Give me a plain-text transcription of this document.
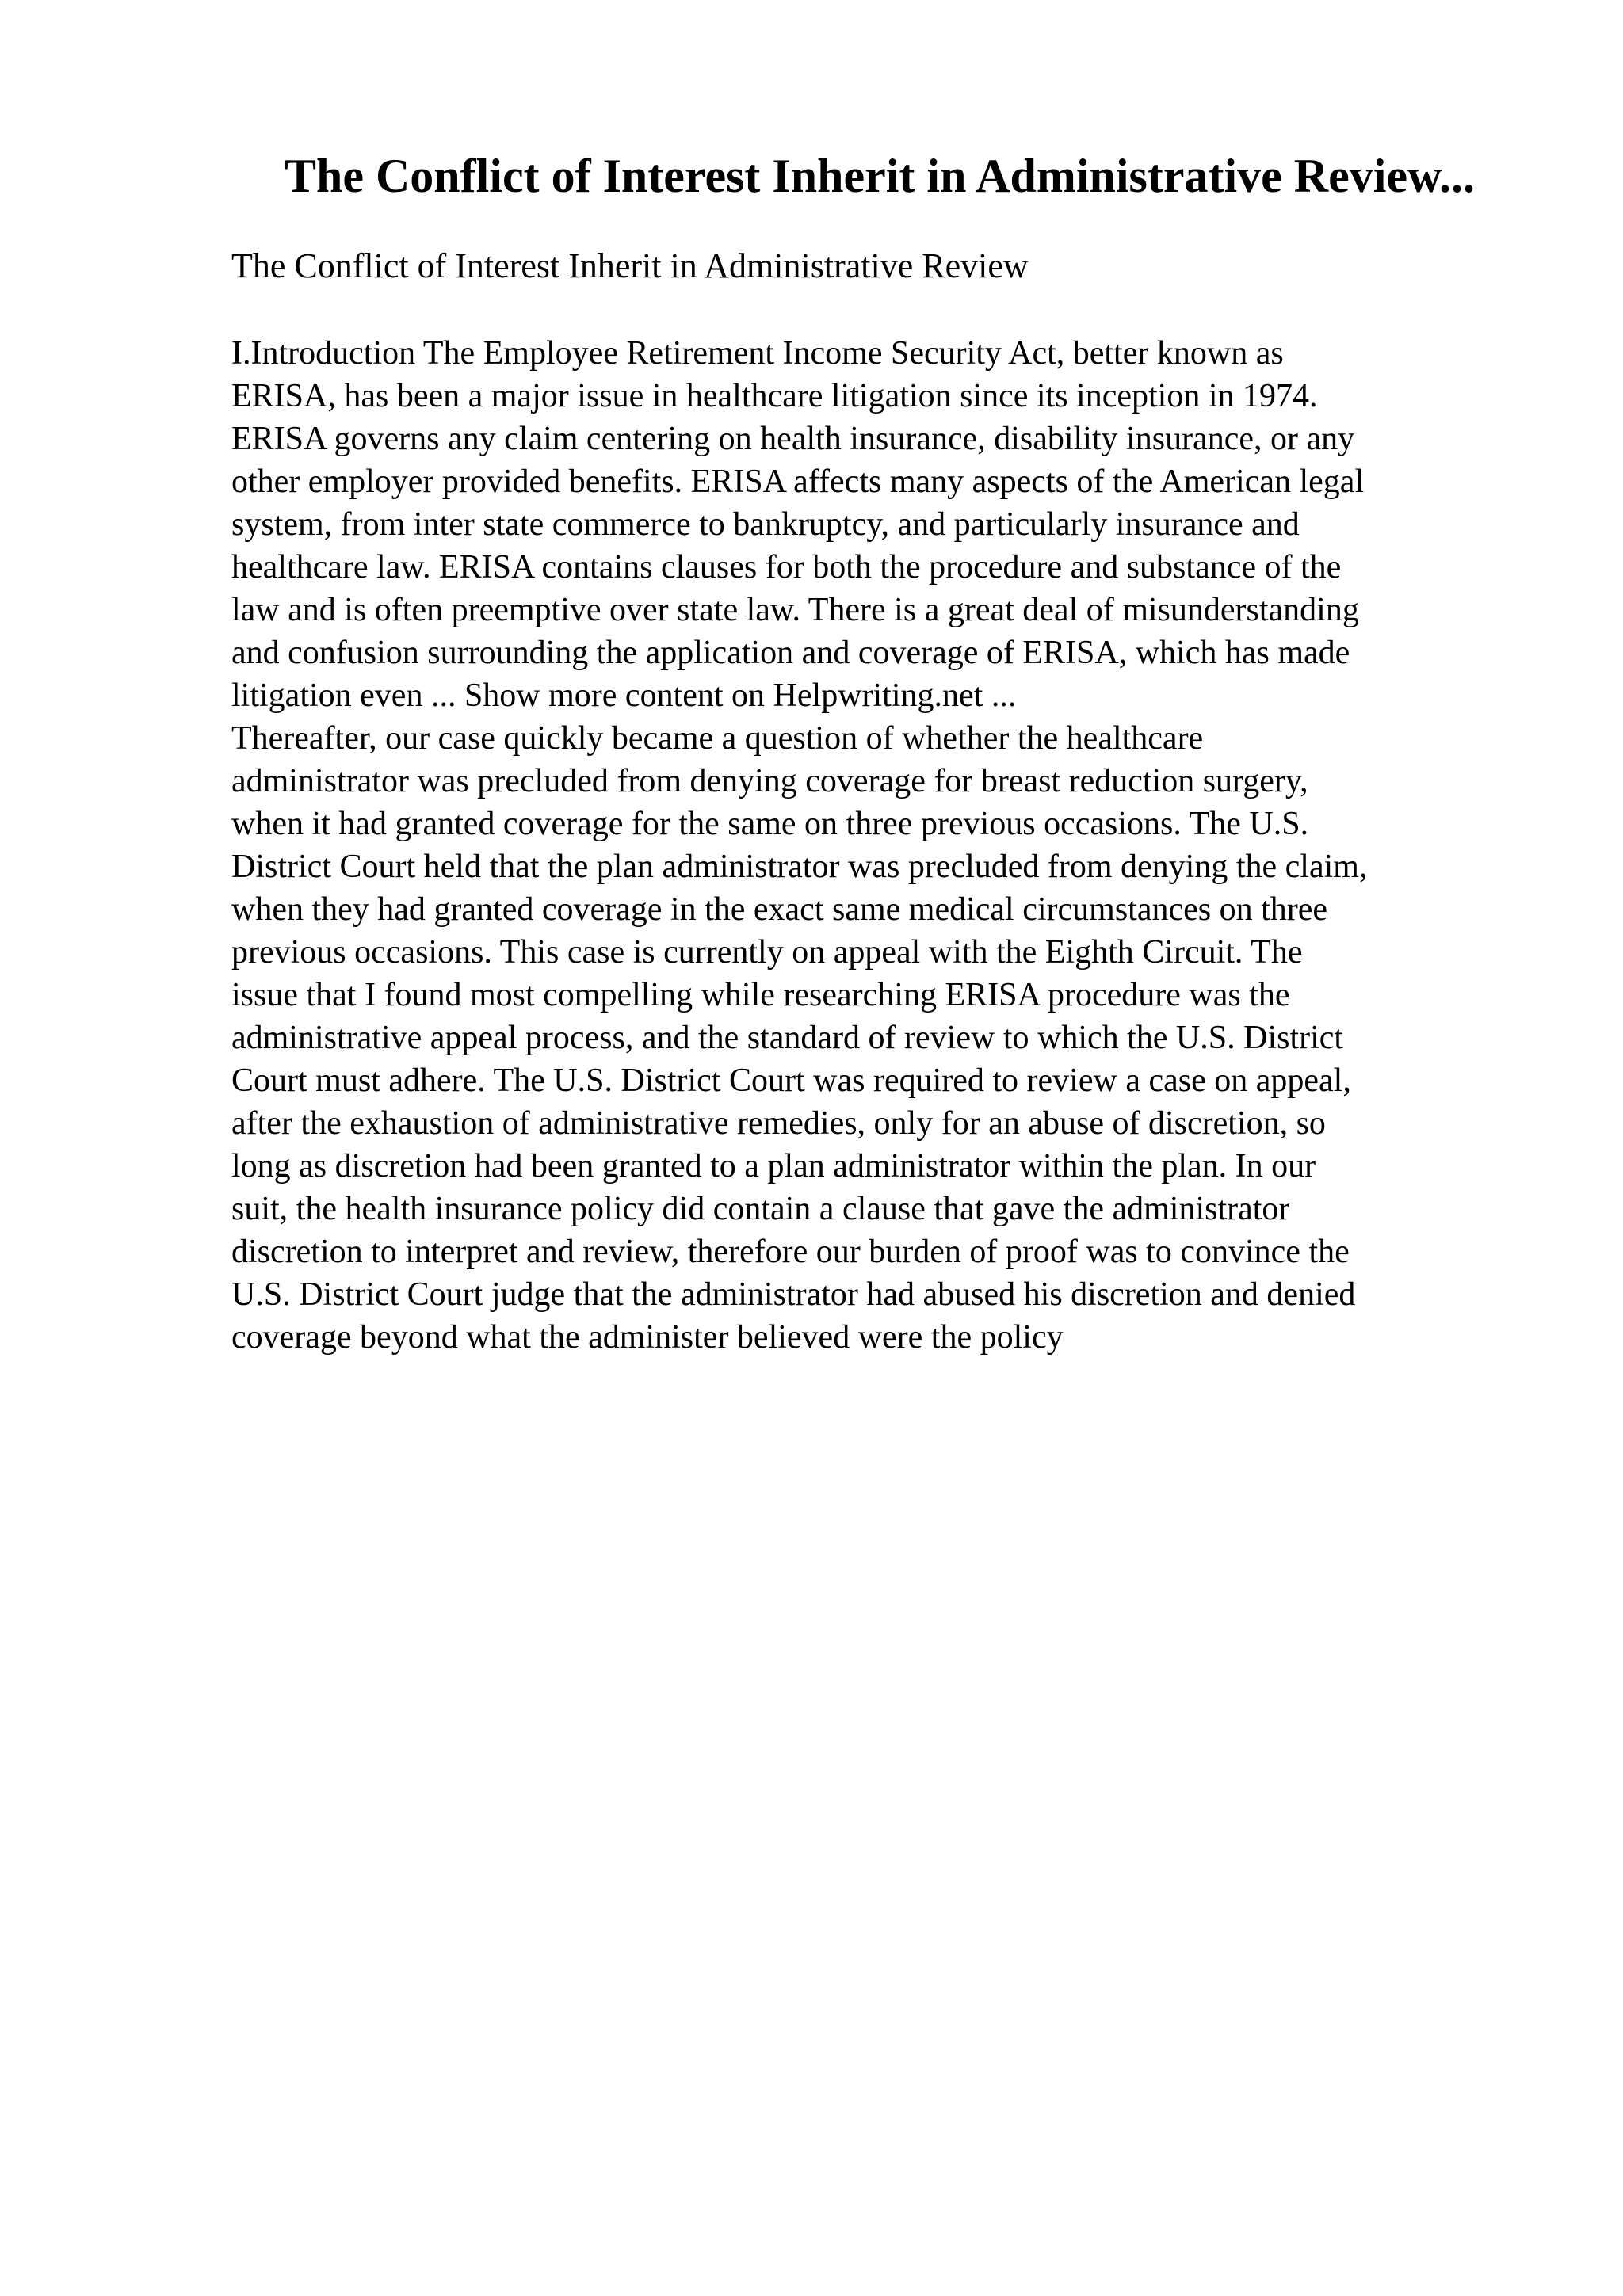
The Conflict of Interest Inherit in Administrative Review...

The Conflict of Interest Inherit in Administrative Review

I.Introduction The Employee Retirement Income Security Act, better known as
ERISA, has been a major issue in healthcare litigation since its inception in 1974.
ERISA governs any claim centering on health insurance, disability insurance, or any
other employer provided benefits. ERISA affects many aspects of the American legal
system, from inter state commerce to bankruptcy, and particularly insurance and
healthcare law. ERISA contains clauses for both the procedure and substance of the
law and is often preemptive over state law. There is a great deal of misunderstanding
and confusion surrounding the application and coverage of ERISA, which has made
litigation even ... Show more content on Helpwriting.net ...
Thereafter, our case quickly became a question of whether the healthcare
administrator was precluded from denying coverage for breast reduction surgery,
when it had granted coverage for the same on three previous occasions. The U.S.
District Court held that the plan administrator was precluded from denying the claim,
when they had granted coverage in the exact same medical circumstances on three
previous occasions. This case is currently on appeal with the Eighth Circuit. The
issue that I found most compelling while researching ERISA procedure was the
administrative appeal process, and the standard of review to which the U.S. District
Court must adhere. The U.S. District Court was required to review a case on appeal,
after the exhaustion of administrative remedies, only for an abuse of discretion, so
long as discretion had been granted to a plan administrator within the plan. In our
suit, the health insurance policy did contain a clause that gave the administrator
discretion to interpret and review, therefore our burden of proof was to convince the
U.S. District Court judge that the administrator had abused his discretion and denied
coverage beyond what the administer believed were the policy
